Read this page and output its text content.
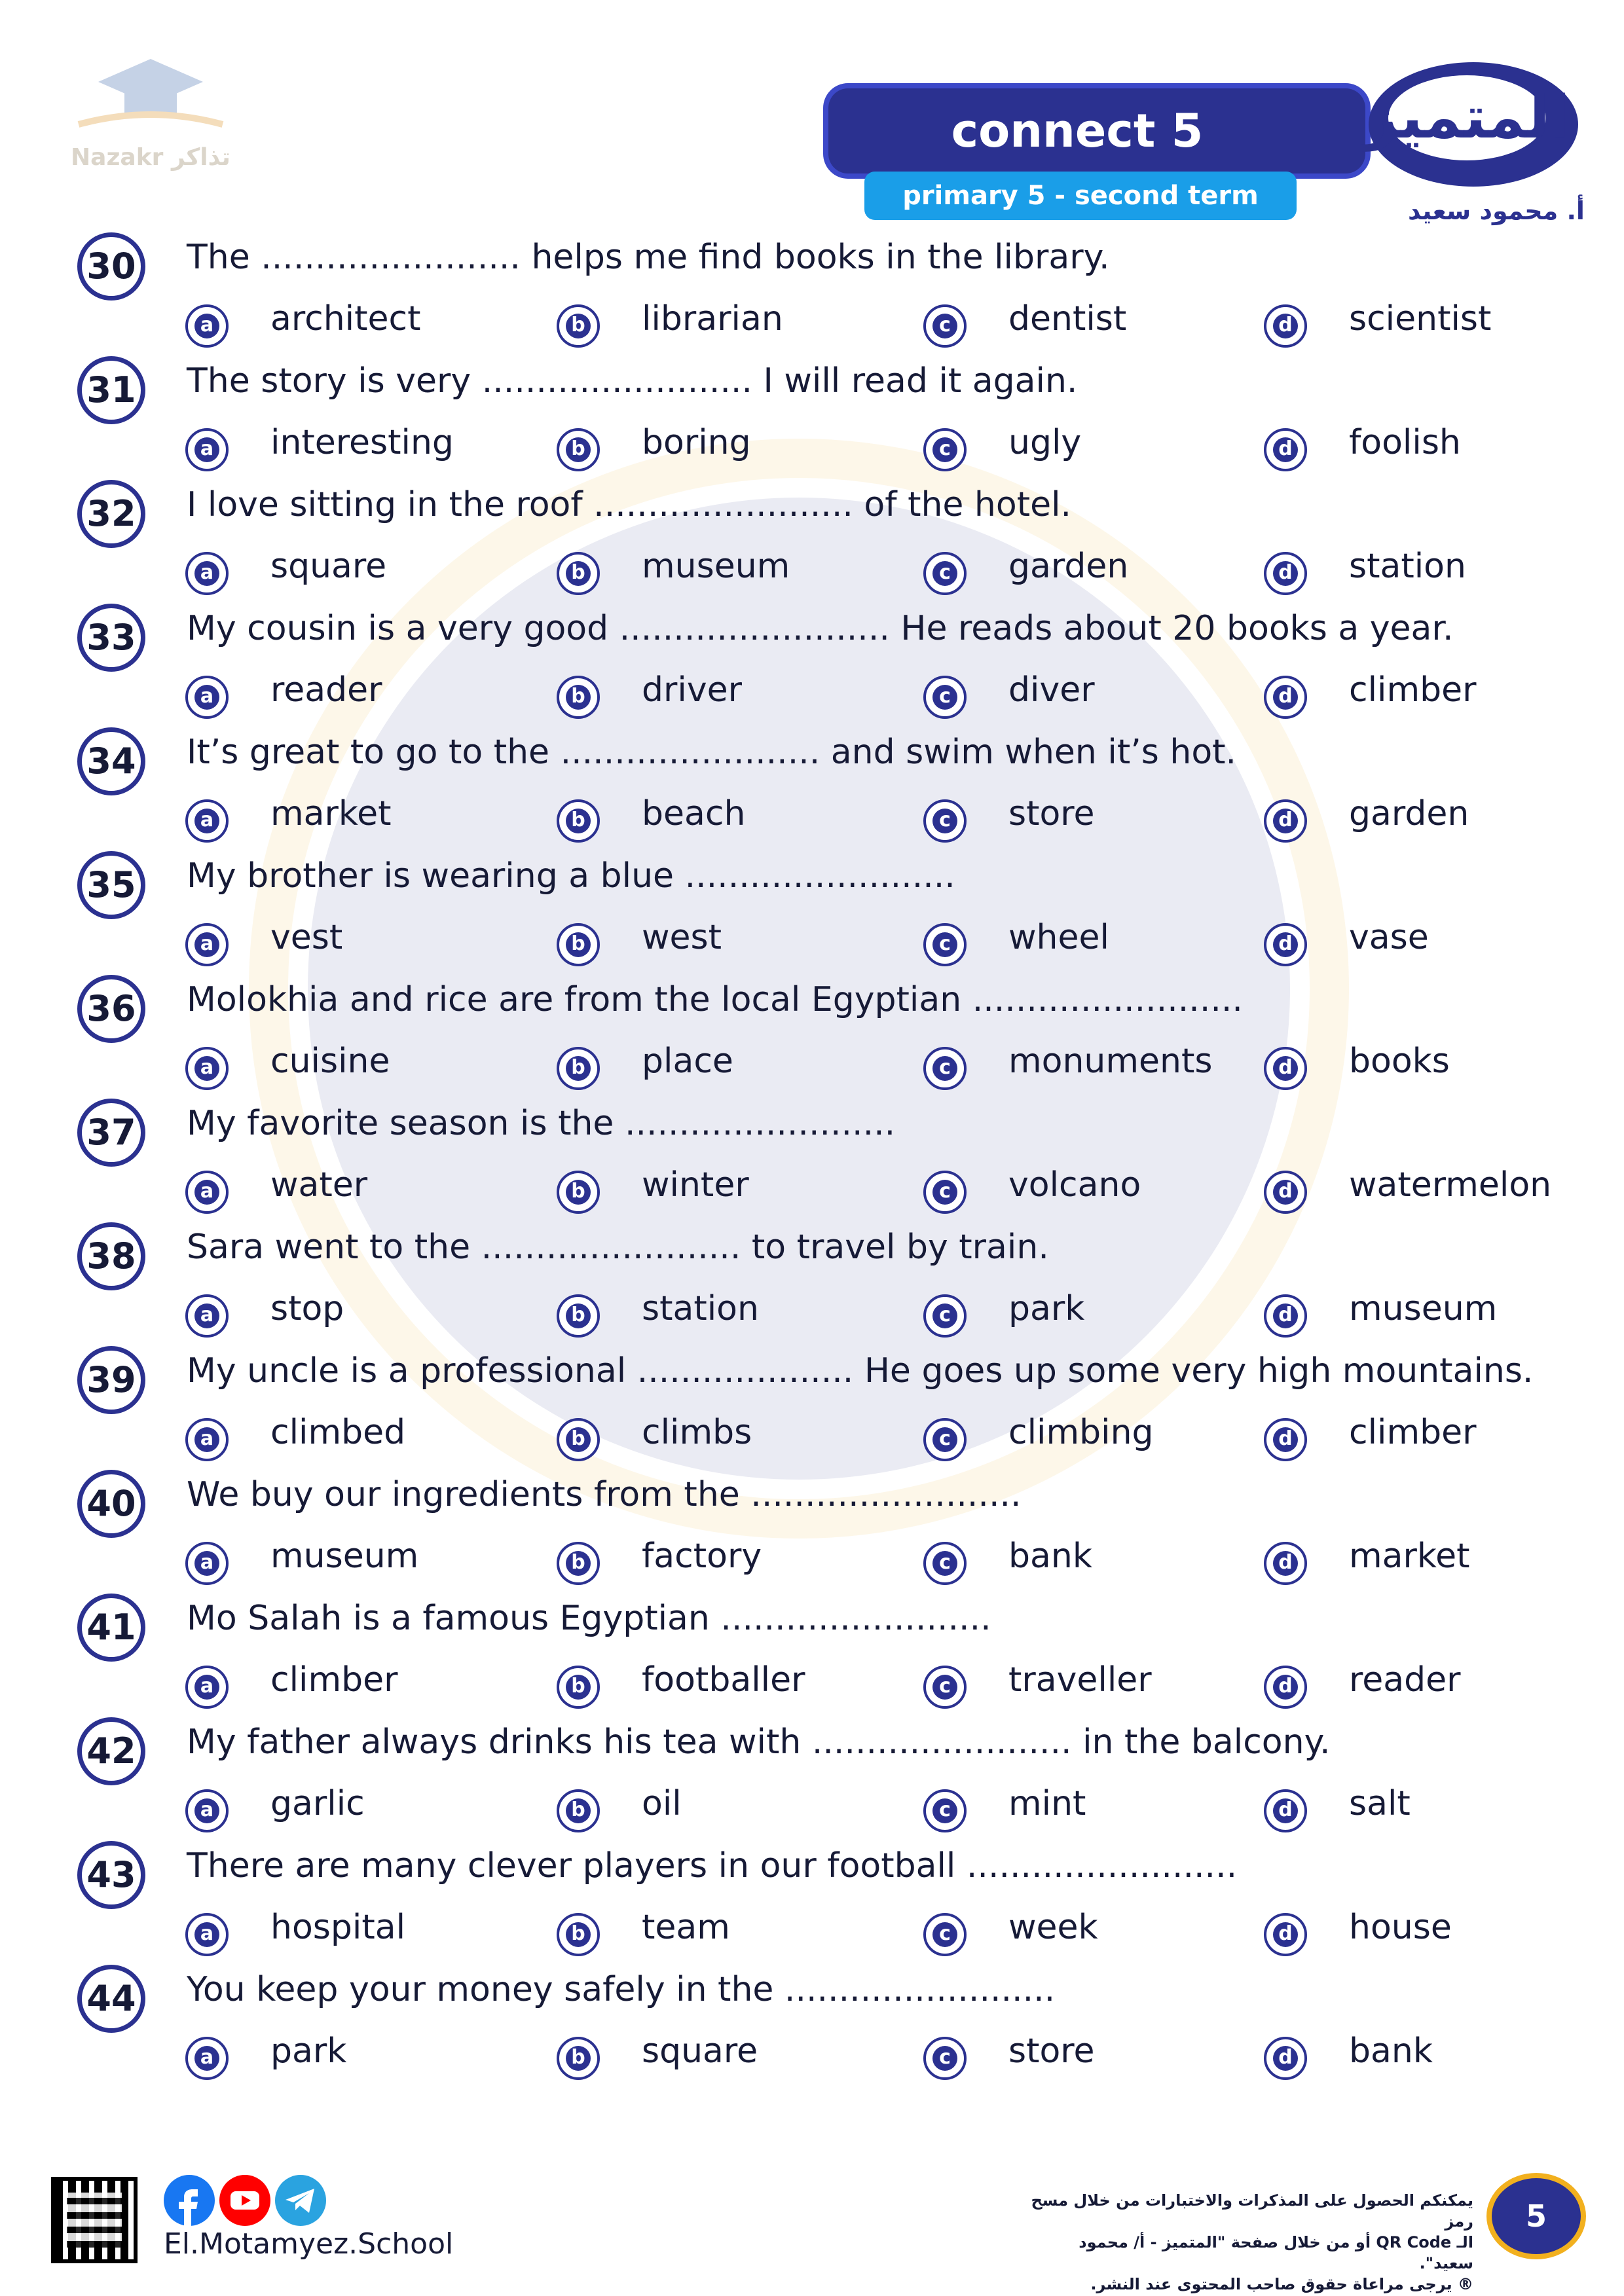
Nazakr تذاكر	connect 5
primary 5 - second term
المتميز
أ. محمود سعيد
30 The ........................ helps me find books in the library.
a architect	b librarian	c dentist	d scientist
31 The story is very ......................... I will read it again.
a interesting	b boring	c ugly	d foolish
32 I love sitting in the roof ........................ of the hotel.
a square	b museum	c garden	d station
33 My cousin is a very good ......................... He reads about 20 books a year.
a reader	b driver	c diver	d climber
34 It’s great to go to the ........................ and swim when it’s hot.
a market	b beach	c store	d garden
35 My brother is wearing a blue .........................
a vest	b west	c wheel	d vase
36 Molokhia and rice are from the local Egyptian .........................
a cuisine	b place	c monuments	d books
37 My favorite season is the .........................
a water	b winter	c volcano	d watermelon
38 Sara went to the ........................ to travel by train.
a stop	b station	c park	d museum
39 My uncle is a professional .................... He goes up some very high mountains.
a climbed	b climbs	c climbing	d climber
40 We buy our ingredients from the .........................
a museum	b factory	c bank	d market
41 Mo Salah is a famous Egyptian .........................
a climber	b footballer	c traveller	d reader
42 My father always drinks his tea with ........................ in the balcony.
a garlic	b oil	c mint	d salt
43 There are many clever players in our football .........................
a hospital	b team	c week	d house
44 You keep your money safely in the .........................
a park	b square	c store	d bank
El.Motamyez.School
يمكنكم الحصول على المذكرات والاختبارات من خلال مسح رمز
الـ QR Code أو من خلال صفحة "المتميز - أ/ محمود سعيد".
® يرجى مراعاة حقوق صاحب المحتوى عند النشر.
5
